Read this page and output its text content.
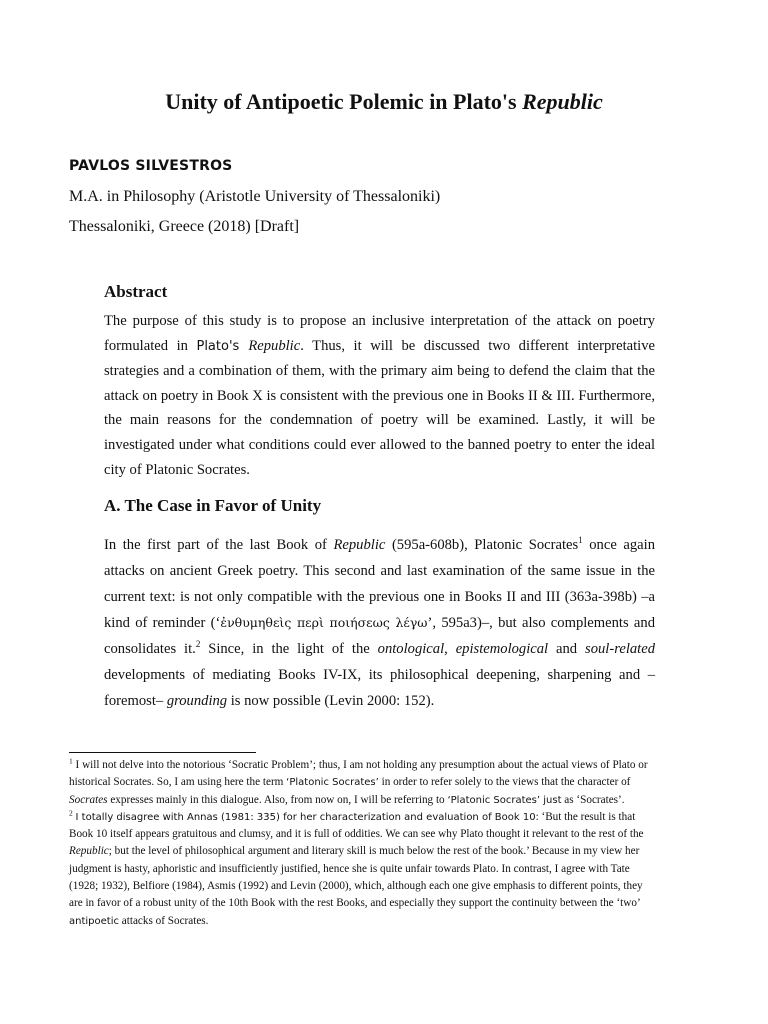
Unity of Antipoetic Polemic in Plato's Republic
PAVLOS SILVESTROS
M.A. in Philosophy (Aristotle University of Thessaloniki)
Thessaloniki, Greece (2018) [Draft]
Abstract
The purpose of this study is to propose an inclusive interpretation of the attack on poetry formulated in Plato's Republic. Thus, it will be discussed two different interpretative strategies and a combination of them, with the primary aim being to defend the claim that the attack on poetry in Book X is consistent with the previous one in Books II & III. Furthermore, the main reasons for the condemnation of poetry will be examined. Lastly, it will be investigated under what conditions could ever allowed to the banned poetry to enter the ideal city of Platonic Socrates.
A. The Case in Favor of Unity
In the first part of the last Book of Republic (595a-608b), Platonic Socrates$^1$ once again attacks on ancient Greek poetry. This second and last examination of the same issue in the current text: is not only compatible with the previous one in Books II and III (363a-398b) –a kind of reminder (‘ἐνθυμηθεὶς περὶ ποιήσεως λέγω’, 595a3)–, but also complements and consolidates it.$^2$ Since, in the light of the ontological, epistemological and soul-related developments of mediating Books IV-IX, its philosophical deepening, sharpening and –foremost– grounding is now possible (Levin 2000: 152).

$^1$ I will not delve into the notorious ‘Socratic Problem’; thus, I am not holding any presumption about the actual views of Plato or historical Socrates. So, I am using here the term ‘Platonic Socrates’ in order to refer solely to the views that the character of Socrates expresses mainly in this dialogue. Also, from now on, I will be referring to ‘Platonic Socrates’ just as ‘Socrates’.

$^2$ I totally disagree with Annas (1981: 335) for her characterization and evaluation of Book 10: ‘But the result is that Book 10 itself appears gratuitous and clumsy, and it is full of oddities. We can see why Plato thought it relevant to the rest of the Republic; but the level of philosophical argument and literary skill is much below the rest of the book.’ Because in my view her judgment is hasty, aphoristic and insufficiently justified, hence she is quite unfair towards Plato. In contrast, I agree with Tate (1928; 1932), Belfiore (1984), Asmis (1992) and Levin (2000), which, although each one give emphasis to different points, they are in favor of a robust unity of the 10th Book with the rest Books, and especially they support the continuity between the ‘two’ antipoetic attacks of Socrates.
